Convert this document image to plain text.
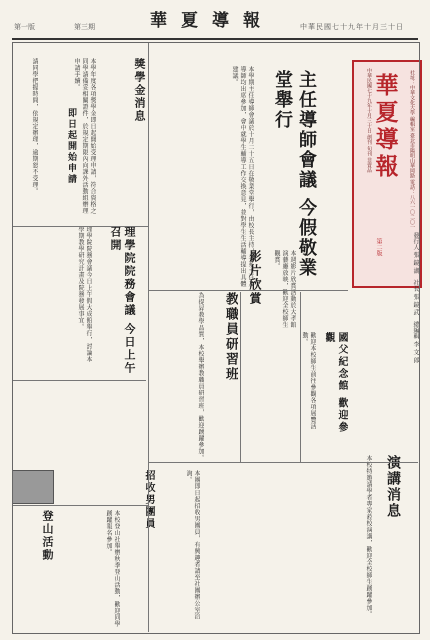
華夏導報	中華民國七十九年十月三十日
第一版	第三期
中華民國七十九年十月三十日 創刊 旬刊 非賣品 華夏導報	社址：中華文化大學 編輯室 臺北市陽明山華岡路 電話：八六一〇二〇一
第二版	發行人 張 鏡 湖　社長 張 鏡 武　總編輯 李 文 郎
主任導師會議 今假敬業堂舉行
本學期主任導師會議於十月二十五日在敬業堂舉行，由校長主持，各系主任及導師均出席參加，會中就學生輔導工作交換意見，並對學生生活輔導提出具體建議。
獎學金消息
本學年度各項獎學金即日起開始受理申請，符合資格之同學請備妥相關證件，於規定期限內向課外活動組辦理申請手續。
即日起開始申請
請同學把握時間，依規定辦理，逾期恕不受理。
理學院院務會議 今日上午召開
理學院院務會議今日上午假大成館舉行，討論本學期教學研究計畫及院務發展事宜。
教職員研習班
為提昇教學品質，本校舉辦教職員研習班，歡迎踴躍參加。
影片欣賞	本週影片欣賞活動於大孝館演藝廳放映，歡迎全校師生觀賞。
演講消息
本校特邀請學者專家蒞校演講，歡迎全校師生踴躍參加。
登山活動	本校登山社舉辦秋季登山活動，歡迎同學踴躍報名參加。
國父紀念館 歡迎參觀
歡迎本校師生前往參觀各項展覽活動。
招收男團員	本團即日起招收男團員，有興趣者請至社團辦公室洽詢。
